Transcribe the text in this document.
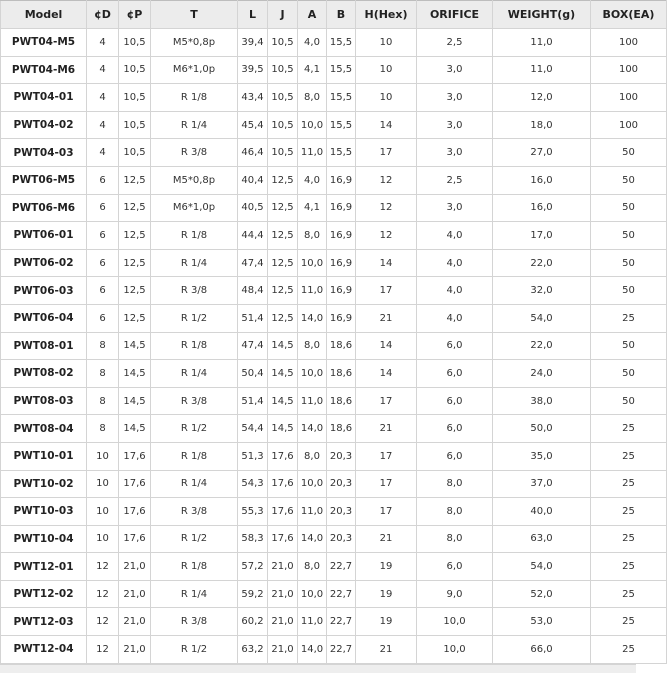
Model	¢D	¢P	T	L	J	A	B	H(Hex)	ORIFICE	WEIGHT(g)	BOX(EA)
PWT04-M5	4	10,5	M5*0,8p	39,4	10,5	4,0	15,5	10	2,5	11,0	100
PWT04-M6	4	10,5	M6*1,0p	39,5	10,5	4,1	15,5	10	3,0	11,0	100
PWT04-01	4	10,5	R 1/8	43,4	10,5	8,0	15,5	10	3,0	12,0	100
PWT04-02	4	10,5	R 1/4	45,4	10,5	10,0	15,5	14	3,0	18,0	100
PWT04-03	4	10,5	R 3/8	46,4	10,5	11,0	15,5	17	3,0	27,0	50
PWT06-M5	6	12,5	M5*0,8p	40,4	12,5	4,0	16,9	12	2,5	16,0	50
PWT06-M6	6	12,5	M6*1,0p	40,5	12,5	4,1	16,9	12	3,0	16,0	50
PWT06-01	6	12,5	R 1/8	44,4	12,5	8,0	16,9	12	4,0	17,0	50
PWT06-02	6	12,5	R 1/4	47,4	12,5	10,0	16,9	14	4,0	22,0	50
PWT06-03	6	12,5	R 3/8	48,4	12,5	11,0	16,9	17	4,0	32,0	50
PWT06-04	6	12,5	R 1/2	51,4	12,5	14,0	16,9	21	4,0	54,0	25
PWT08-01	8	14,5	R 1/8	47,4	14,5	8,0	18,6	14	6,0	22,0	50
PWT08-02	8	14,5	R 1/4	50,4	14,5	10,0	18,6	14	6,0	24,0	50
PWT08-03	8	14,5	R 3/8	51,4	14,5	11,0	18,6	17	6,0	38,0	50
PWT08-04	8	14,5	R 1/2	54,4	14,5	14,0	18,6	21	6,0	50,0	25
PWT10-01	10	17,6	R 1/8	51,3	17,6	8,0	20,3	17	6,0	35,0	25
PWT10-02	10	17,6	R 1/4	54,3	17,6	10,0	20,3	17	8,0	37,0	25
PWT10-03	10	17,6	R 3/8	55,3	17,6	11,0	20,3	17	8,0	40,0	25
PWT10-04	10	17,6	R 1/2	58,3	17,6	14,0	20,3	21	8,0	63,0	25
PWT12-01	12	21,0	R 1/8	57,2	21,0	8,0	22,7	19	6,0	54,0	25
PWT12-02	12	21,0	R 1/4	59,2	21,0	10,0	22,7	19	9,0	52,0	25
PWT12-03	12	21,0	R 3/8	60,2	21,0	11,0	22,7	19	10,0	53,0	25
PWT12-04	12	21,0	R 1/2	63,2	21,0	14,0	22,7	21	10,0	66,0	25
